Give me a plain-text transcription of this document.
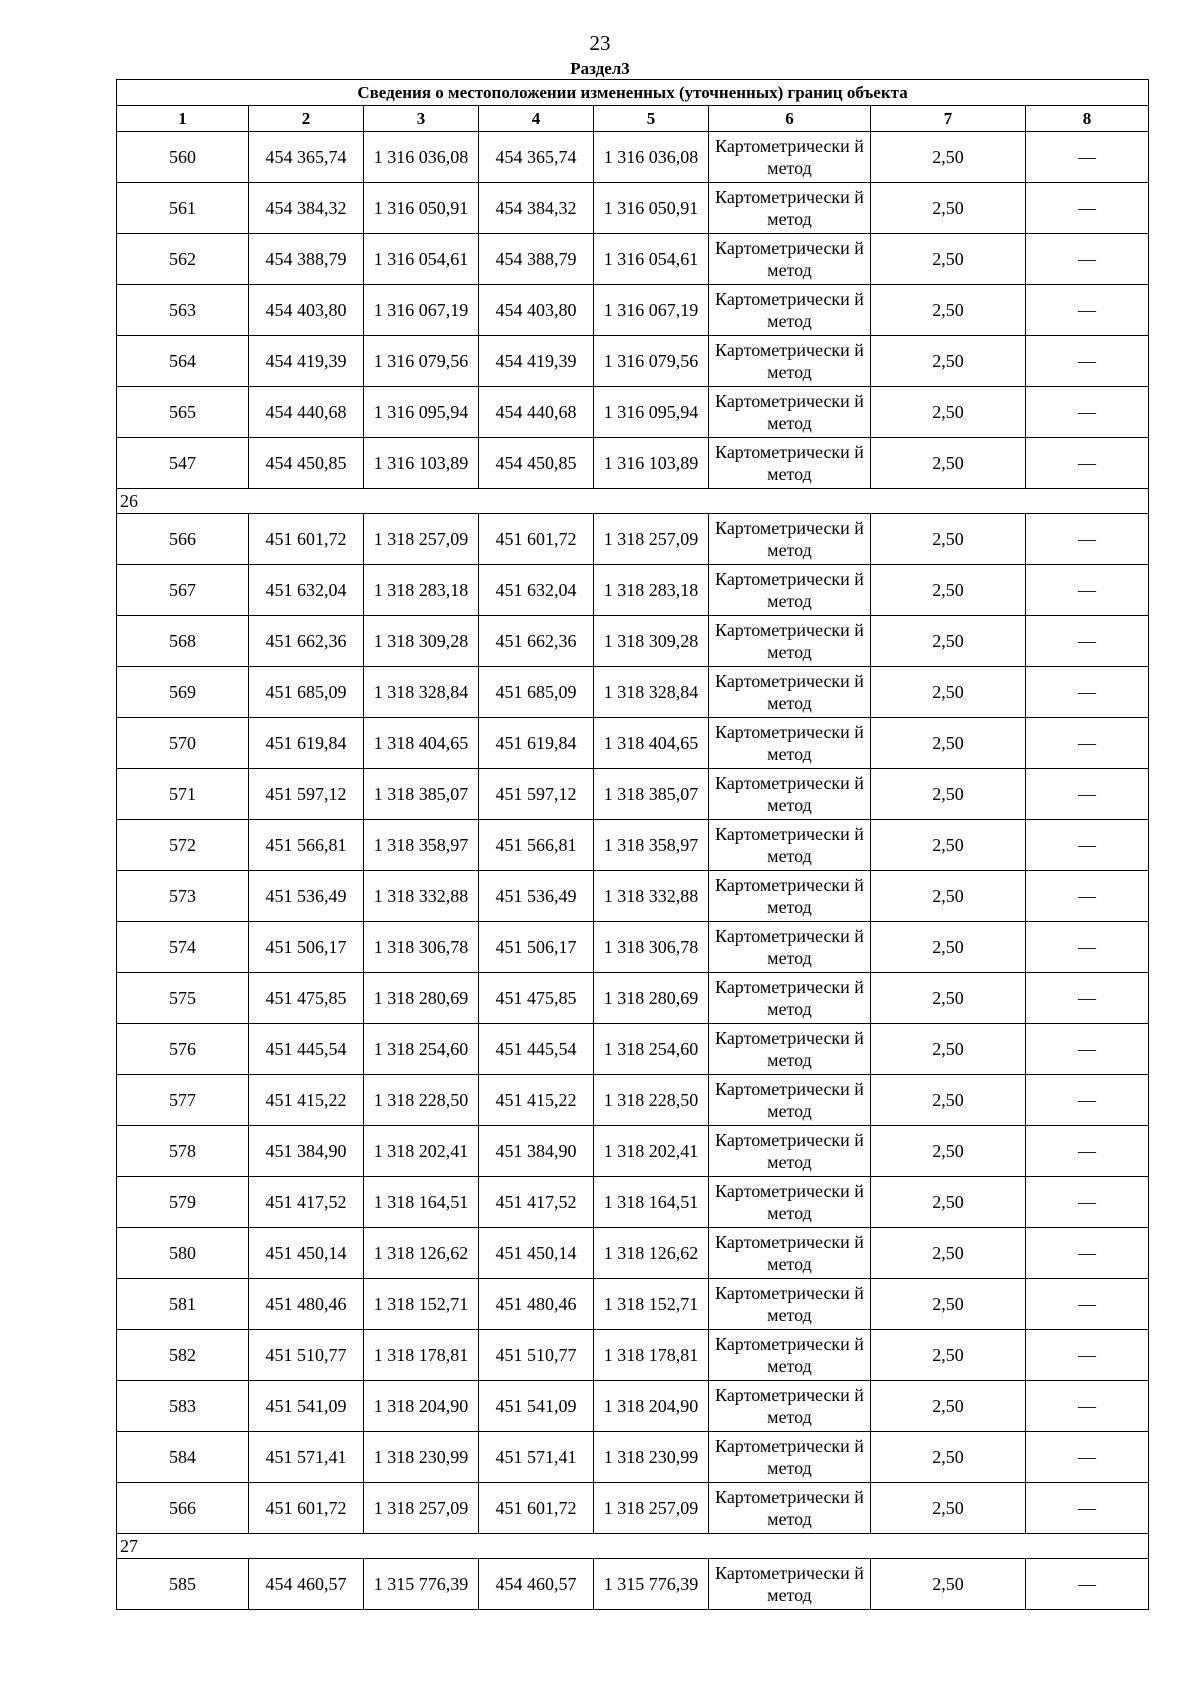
23
Раздел3
Сведения о местоположении измененных (уточненных) границ объекта							
1	2	3	4	5	6	7	8
560	454 365,74	1 316 036,08	454 365,74	1 316 036,08	Картометрически й метод	2,50	—
561	454 384,32	1 316 050,91	454 384,32	1 316 050,91	Картометрически й метод	2,50	—
562	454 388,79	1 316 054,61	454 388,79	1 316 054,61	Картометрически й метод	2,50	—
563	454 403,80	1 316 067,19	454 403,80	1 316 067,19	Картометрически й метод	2,50	—
564	454 419,39	1 316 079,56	454 419,39	1 316 079,56	Картометрически й метод	2,50	—
565	454 440,68	1 316 095,94	454 440,68	1 316 095,94	Картометрически й метод	2,50	—
547	454 450,85	1 316 103,89	454 450,85	1 316 103,89	Картометрически й метод	2,50	—
26							
566	451 601,72	1 318 257,09	451 601,72	1 318 257,09	Картометрически й метод	2,50	—
567	451 632,04	1 318 283,18	451 632,04	1 318 283,18	Картометрически й метод	2,50	—
568	451 662,36	1 318 309,28	451 662,36	1 318 309,28	Картометрически й метод	2,50	—
569	451 685,09	1 318 328,84	451 685,09	1 318 328,84	Картометрически й метод	2,50	—
570	451 619,84	1 318 404,65	451 619,84	1 318 404,65	Картометрически й метод	2,50	—
571	451 597,12	1 318 385,07	451 597,12	1 318 385,07	Картометрически й метод	2,50	—
572	451 566,81	1 318 358,97	451 566,81	1 318 358,97	Картометрически й метод	2,50	—
573	451 536,49	1 318 332,88	451 536,49	1 318 332,88	Картометрически й метод	2,50	—
574	451 506,17	1 318 306,78	451 506,17	1 318 306,78	Картометрически й метод	2,50	—
575	451 475,85	1 318 280,69	451 475,85	1 318 280,69	Картометрически й метод	2,50	—
576	451 445,54	1 318 254,60	451 445,54	1 318 254,60	Картометрически й метод	2,50	—
577	451 415,22	1 318 228,50	451 415,22	1 318 228,50	Картометрически й метод	2,50	—
578	451 384,90	1 318 202,41	451 384,90	1 318 202,41	Картометрически й метод	2,50	—
579	451 417,52	1 318 164,51	451 417,52	1 318 164,51	Картометрически й метод	2,50	—
580	451 450,14	1 318 126,62	451 450,14	1 318 126,62	Картометрически й метод	2,50	—
581	451 480,46	1 318 152,71	451 480,46	1 318 152,71	Картометрически й метод	2,50	—
582	451 510,77	1 318 178,81	451 510,77	1 318 178,81	Картометрически й метод	2,50	—
583	451 541,09	1 318 204,90	451 541,09	1 318 204,90	Картометрически й метод	2,50	—
584	451 571,41	1 318 230,99	451 571,41	1 318 230,99	Картометрически й метод	2,50	—
566	451 601,72	1 318 257,09	451 601,72	1 318 257,09	Картометрически й метод	2,50	—
27							
585	454 460,57	1 315 776,39	454 460,57	1 315 776,39	Картометрически й метод	2,50	—
